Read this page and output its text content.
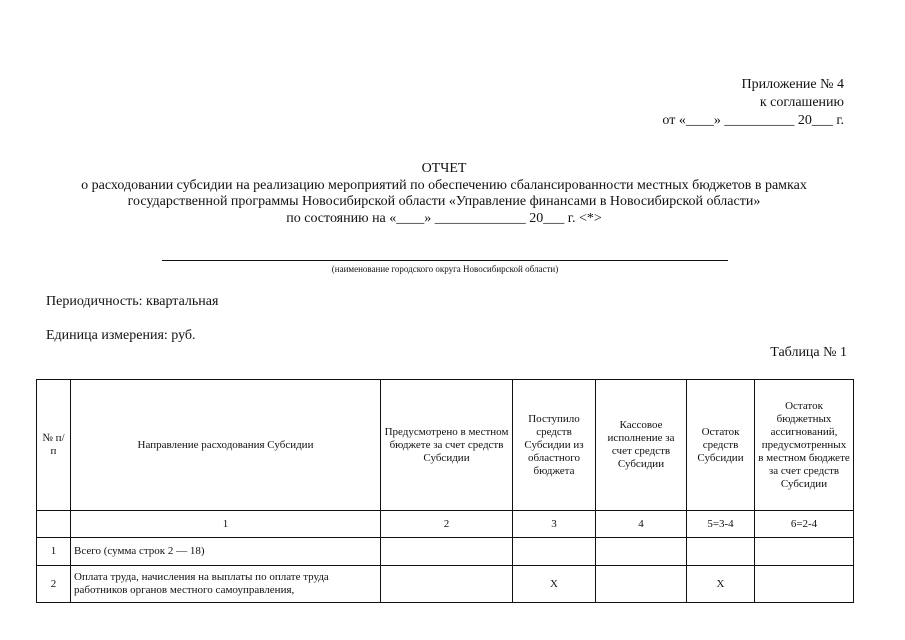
Приложение № 4
к соглашению
от «____» __________ 20___ г.
ОТЧЕТ
о расходовании субсидии на реализацию мероприятий по обеспечению сбалансированности местных бюджетов в рамках
государственной программы Новосибирской области «Управление финансами в Новосибирской области»
по состоянию на «____» _____________ 20___ г. <*>
(наименование городского округа Новосибирской области)
Периодичность: квартальная
Единица измерения: руб.
Таблица № 1
№ п/п	Направление расходования Субсидии	Предусмотрено в местном бюджете за счет средств Субсидии	Поступило средств Субсидии из областного бюджета	Кассовое исполнение за счет средств Субсидии	Остаток средств Субсидии	Остаток бюджетных ассигнований, предусмотренных в местном бюджете за счет средств Субсидии
	1	2	3	4	5=3-4	6=2-4
1	Всего (сумма строк 2 — 18)					
2	Оплата труда, начисления на выплаты по оплате труда работников органов местного самоуправления,		Х		Х	
